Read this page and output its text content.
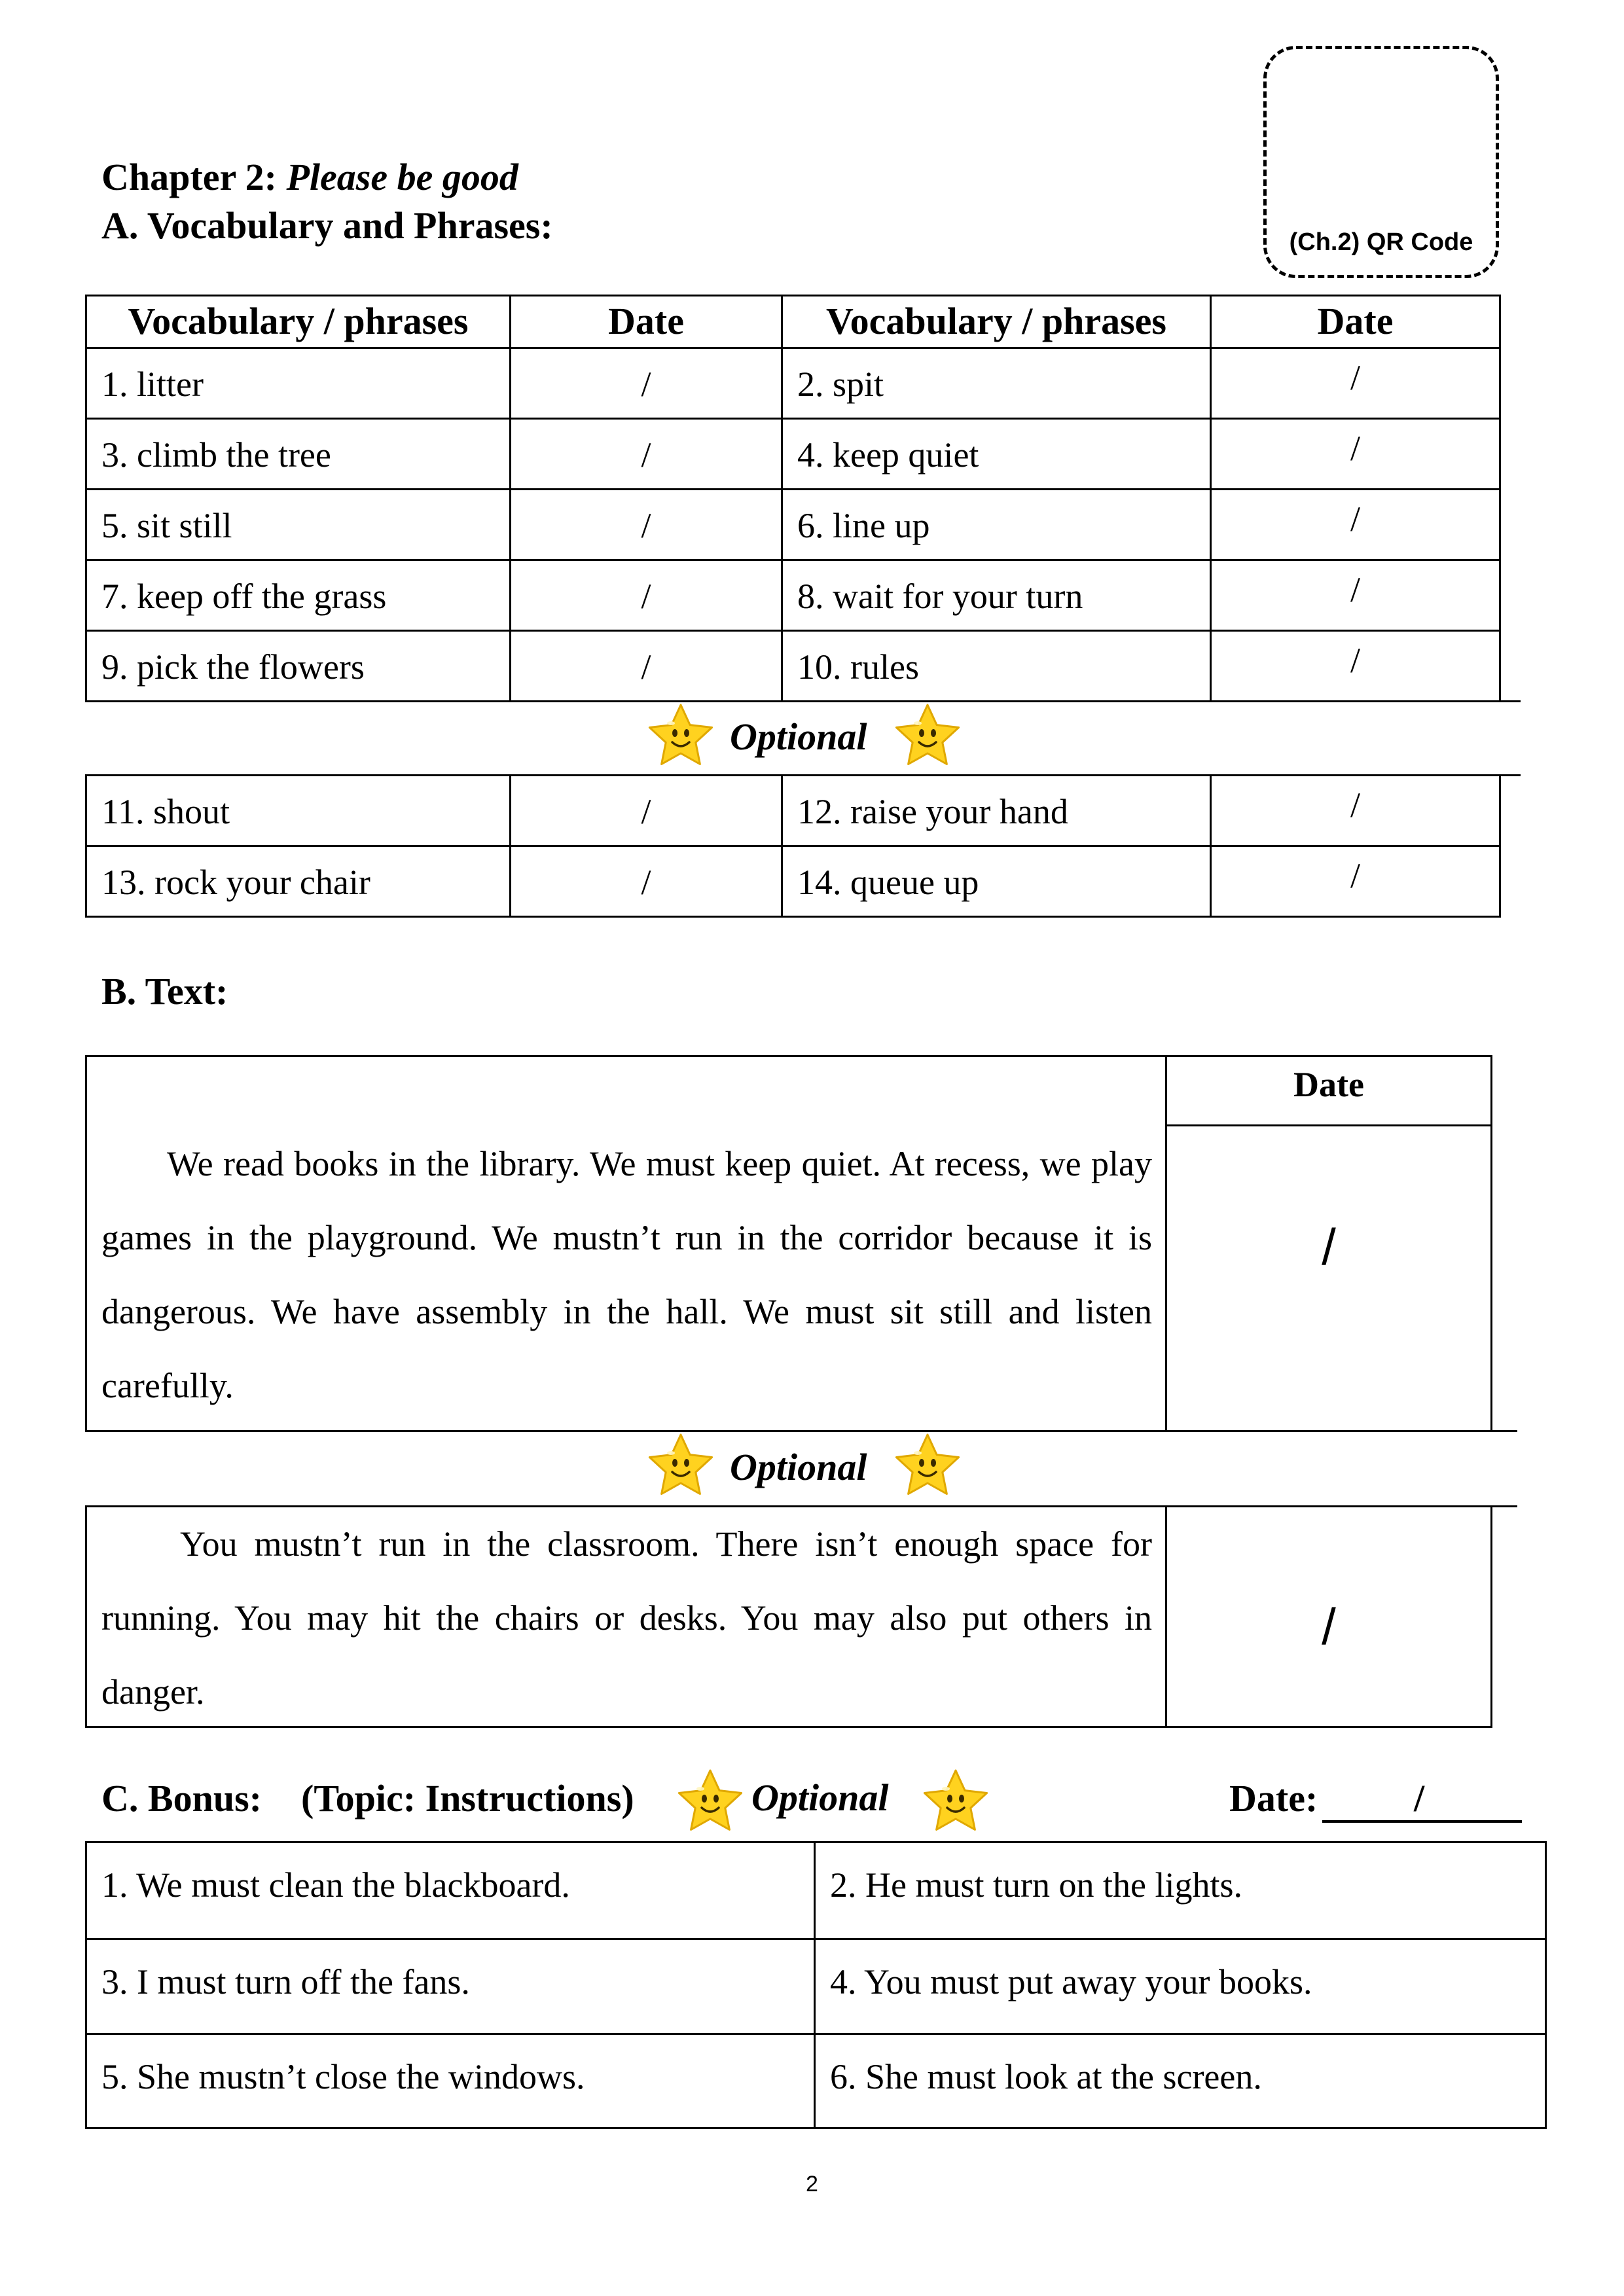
Chapter 2: Please be good
A. Vocabulary and Phrases:	(Ch.2) QR Code
Vocabulary / phrases	Date	Vocabulary / phrases	Date
1. litter	/	2. spit	/
3. climb the tree	/	4. keep quiet	/
5. sit still	/	6. line up	/
7. keep off the grass	/	8. wait for your turn	/
9. pick the flowers	/	10. rules	/
Optional
11. shout	/	12. raise your hand	/
13. rock your chair	/	14. queue up	/
B. Text:
Date
We read books in the library. We must keep quiet. At recess, we play games in the playground. We mustn’t run in the corridor because it is dangerous. We have assembly in the hall. We must sit still and listen carefully.
/
Optional
You mustn’t run in the classroom. There isn’t enough space for running. You may hit the chairs or desks. You may also put others in danger.
/
C. Bonus: (Topic: Instructions)	Optional	Date:	/
1. We must clean the blackboard.	2. He must turn on the lights.
3. I must turn off the fans.	4. You must put away your books.
5. She mustn’t close the windows.	6. She must look at the screen.
2
